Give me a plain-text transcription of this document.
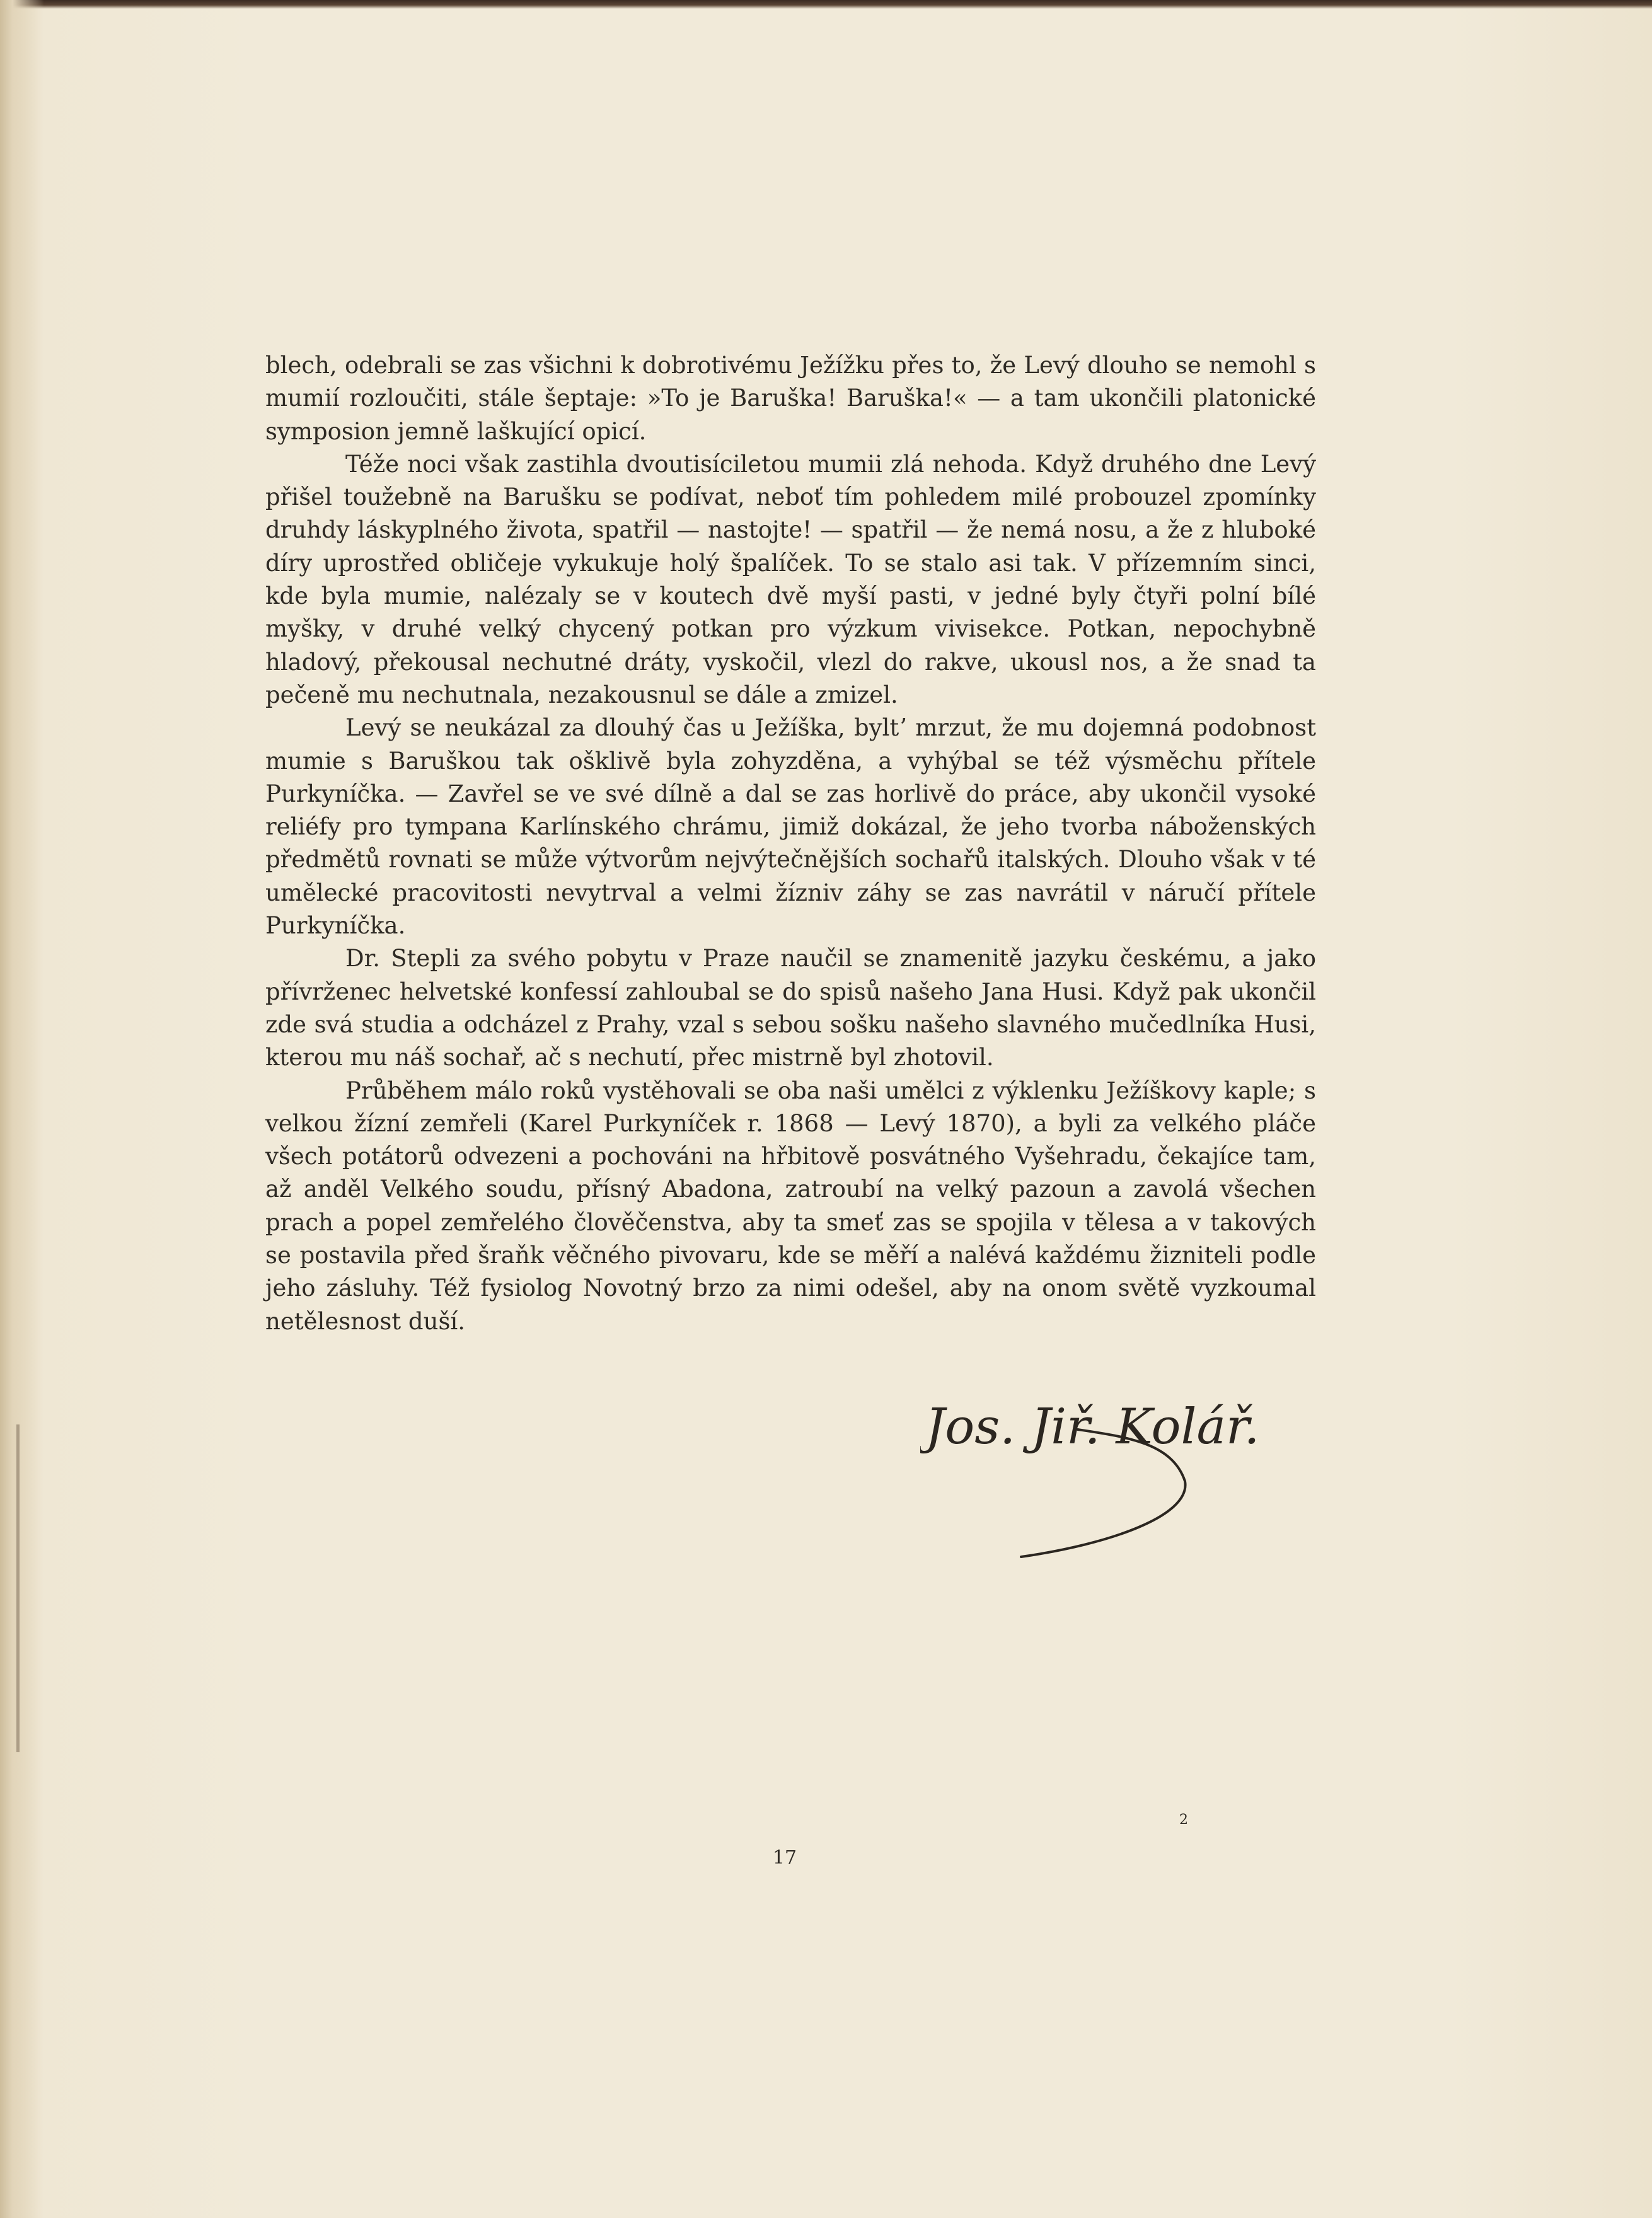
blech, odebrali se zas všichni k dobrotivému Ježížku přes to, že Levý dlouho se nemohl s mumií rozloučiti, stále šeptaje: »To je Baruška! Baruška!« — a tam ukončili platonické symposion jemně laškující opicí.

Téže noci však zastihla dvoutisíciletou mumii zlá nehoda. Když druhého dne Levý přišel toužebně na Barušku se podívat, neboť tím pohledem milé probouzel zpomínky druhdy láskyplného života, spatřil — nastojte! — spatřil — že nemá nosu, a že z hluboké díry uprostřed obličeje vykukuje holý špalíček. To se stalo asi tak. V přízemním sinci, kde byla mumie, nalézaly se v koutech dvě myší pasti, v jedné byly čtyři polní bílé myšky, v druhé velký chycený potkan pro výzkum vivisekce. Potkan, nepochybně hladový, překousal nechutné dráty, vyskočil, vlezl do rakve, ukousl nos, a že snad ta pečeně mu nechutnala, nezakousnul se dále a zmizel.

Levý se neukázal za dlouhý čas u Ježíška, byltʼ mrzut, že mu dojemná podobnost mumie s Baruškou tak ošklivě byla zohyzděna, a vyhýbal se též výsměchu přítele Purkyníčka. — Zavřel se ve své dílně a dal se zas horlivě do práce, aby ukončil vysoké reliéfy pro tympana Karlínského chrámu, jimiž dokázal, že jeho tvorba náboženských předmětů rovnati se může výtvorům nejvýtečnějších sochařů italských. Dlouho však v té umělecké pracovitosti nevytrval a velmi žízniv záhy se zas navrátil v náručí přítele Purkyníčka.

Dr. Stepli za svého pobytu v Praze naučil se znamenitě jazyku českému, a jako přívrženec helvetské konfessí zahloubal se do spisů našeho Jana Husi. Když pak ukončil zde svá studia a odcházel z Prahy, vzal s sebou sošku našeho slavného mučedlníka Husi, kterou mu náš sochař, ač s nechutí, přec mistrně byl zhotovil.

Průběhem málo roků vystěhovali se oba naši umělci z výklenku Ježíškovy kaple; s velkou žízní zemřeli (Karel Purkyníček r. 1868 — Levý 1870), a byli za velkého pláče všech potátorů odvezeni a pochováni na hřbitově posvátného Vyšehradu, čekajíce tam, až anděl Velkého soudu, přísný Abadona, zatroubí na velký pazoun a zavolá všechen prach a popel zemřelého člověčenstva, aby ta smeť zas se spojila v tělesa a v takových se postavila před šraňk věčného pivovaru, kde se měří a nalévá každému žizniteli podle jeho zásluhy. Též fysiolog Novotný brzo za nimi odešel, aby na onom světě vyzkoumal netělesnost duší.

Jos. Jiř. Kolář.
2
17
